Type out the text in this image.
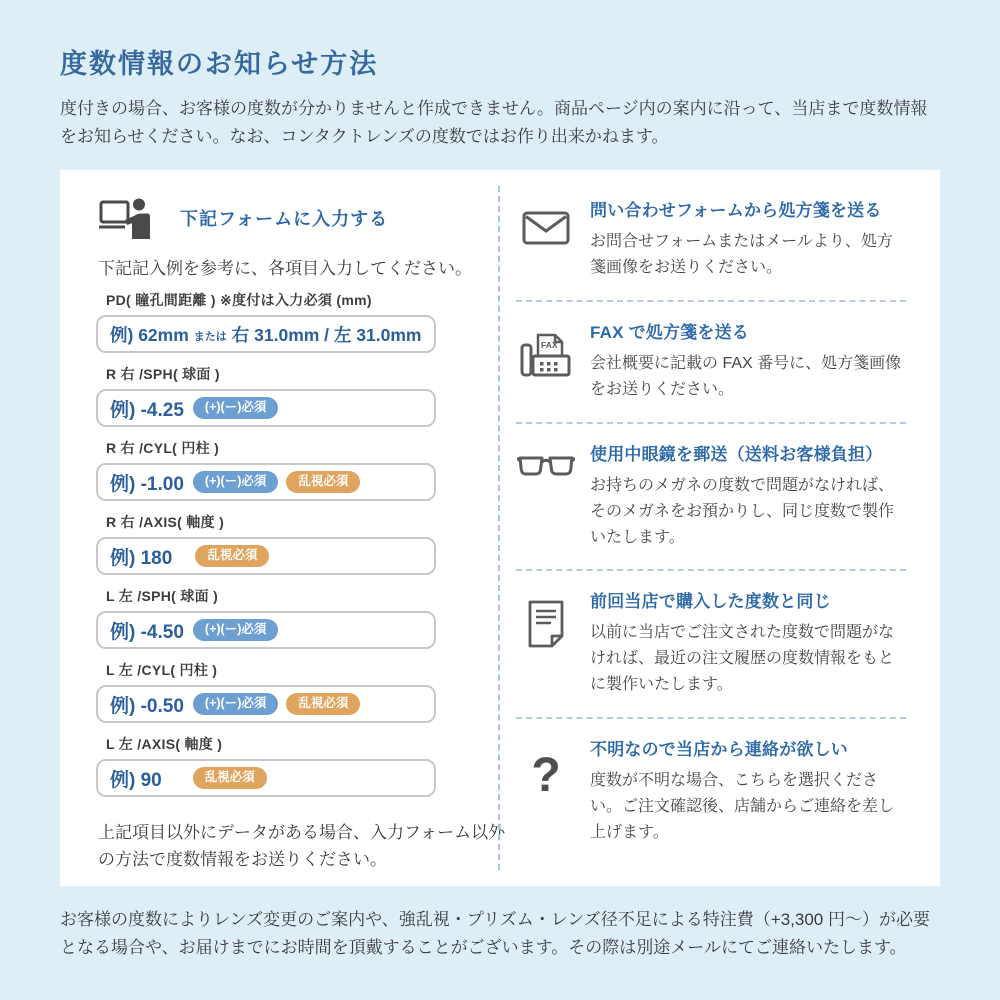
度数情報のお知らせ方法

度付きの場合、お客様の度数が分かりませんと作成できません。商品ページ内の案内に沿って、当店まで度数情報をお知らせください。なお、コンタクトレンズの度数ではお作り出来かねます。

下記フォームに入力する

下記記入例を参考に、各項目入力してください。

PD( 瞳孔間距離 ) ※度付は入力必須 (mm)
例) 62mm または 右 31.0mm / 左 31.0mm
R 右 /SPH( 球面 )
例) -4.25	(+)(ー)必須
R 右 /CYL( 円柱 )
例) -1.00	(+)(ー)必須	乱視必須
R 右 /AXIS( 軸度 )
例) 180	乱視必須
L 左 /SPH( 球面 )
例) -4.50	(+)(ー)必須
L 左 /CYL( 円柱 )
例) -0.50	(+)(ー)必須	乱視必須
L 左 /AXIS( 軸度 )
例) 90	乱視必須

上記項目以外にデータがある場合、入力フォーム以外の方法で度数情報をお送りください。

問い合わせフォームから処方箋を送る

お問合せフォームまたはメールより、処方箋画像をお送りください。

FAX

FAX で処方箋を送る

会社概要に記載の FAX 番号に、処方箋画像をお送りください。

使用中眼鏡を郵送（送料お客様負担）

お持ちのメガネの度数で問題がなければ、そのメガネをお預かりし、同じ度数で製作いたします。

前回当店で購入した度数と同じ

以前に当店でご注文された度数で問題がなければ、最近の注文履歴の度数情報をもとに製作いたします。

? 不明なので当店から連絡が欲しい

度数が不明な場合、こちらを選択ください。ご注文確認後、店舗からご連絡を差し上げます。

お客様の度数によりレンズ変更のご案内や、強乱視・プリズム・レンズ径不足による特注費（+3,300 円～）が必要となる場合や、お届けまでにお時間を頂戴することがございます。その際は別途メールにてご連絡いたします。
